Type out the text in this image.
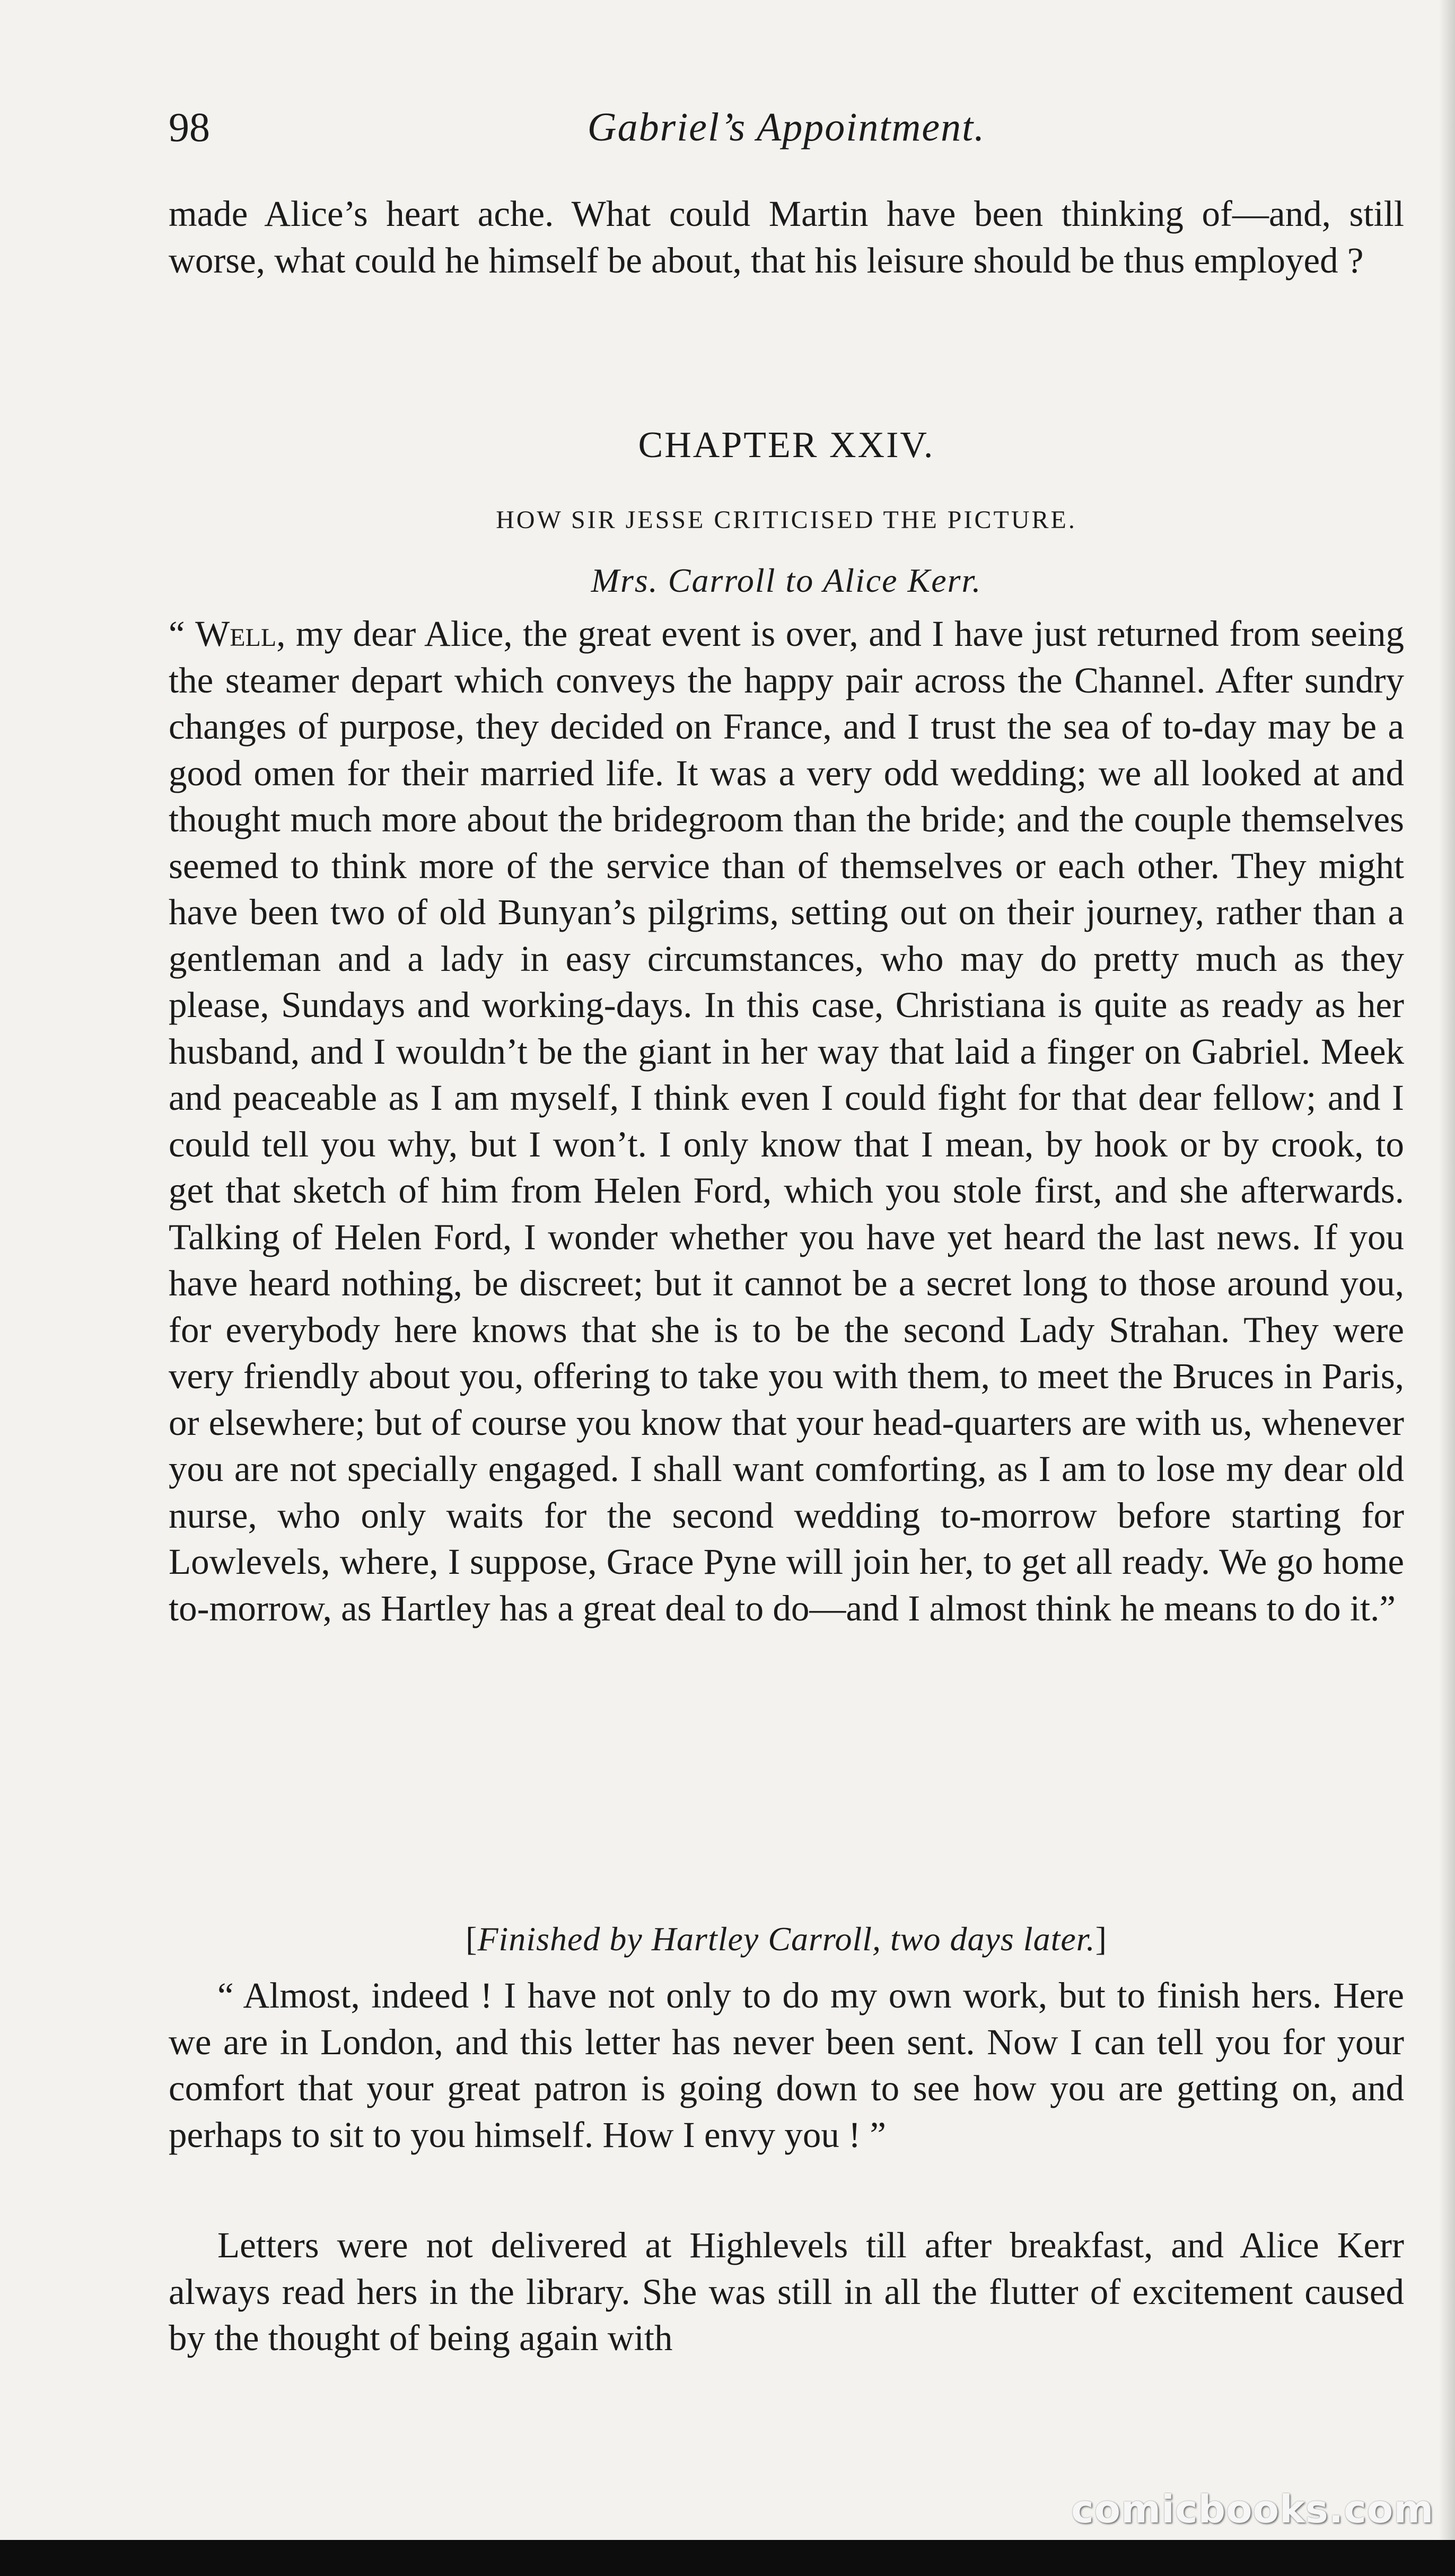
Gabriel’s Appointment.
98

made Alice’s heart ache. What could Martin have been thinking of—and, still worse, what could he himself be about, that his leisure should be thus employed ?

CHAPTER XXIV.
HOW SIR JESSE CRITICISED THE PICTURE.
Mrs. Carroll to Alice Kerr.

“ Well, my dear Alice, the great event is over, and I have just returned from seeing the steamer depart which conveys the happy pair across the Channel. After sundry changes of purpose, they decided on France, and I trust the sea of to-day may be a good omen for their married life. It was a very odd wedding; we all looked at and thought much more about the bridegroom than the bride; and the couple themselves seemed to think more of the service than of themselves or each other. They might have been two of old Bunyan’s pilgrims, setting out on their journey, rather than a gentleman and a lady in easy circumstances, who may do pretty much as they please, Sundays and working-days. In this case, Christiana is quite as ready as her husband, and I wouldn’t be the giant in her way that laid a finger on Gabriel. Meek and peaceable as I am myself, I think even I could fight for that dear fellow; and I could tell you why, but I won’t. I only know that I mean, by hook or by crook, to get that sketch of him from Helen Ford, which you stole first, and she afterwards. Talking of Helen Ford, I wonder whether you have yet heard the last news. If you have heard nothing, be discreet; but it cannot be a secret long to those around you, for everybody here knows that she is to be the second Lady Strahan. They were very friendly about you, offering to take you with them, to meet the Bruces in Paris, or elsewhere; but of course you know that your head-quarters are with us, whenever you are not specially engaged. I shall want comforting, as I am to lose my dear old nurse, who only waits for the second wedding to-morrow before starting for Lowlevels, where, I suppose, Grace Pyne will join her, to get all ready. We go home to-morrow, as Hartley has a great deal to do—and I almost think he means to do it.”

[Finished by Hartley Carroll, two days later.]

“ Almost, indeed ! I have not only to do my own work, but to finish hers. Here we are in London, and this letter has never been sent. Now I can tell you for your comfort that your great patron is going down to see how you are getting on, and perhaps to sit to you himself. How I envy you ! ”

Letters were not delivered at Highlevels till after breakfast, and Alice Kerr always read hers in the library. She was still in all the flutter of excitement caused by the thought of being again with

comicbooks.com
